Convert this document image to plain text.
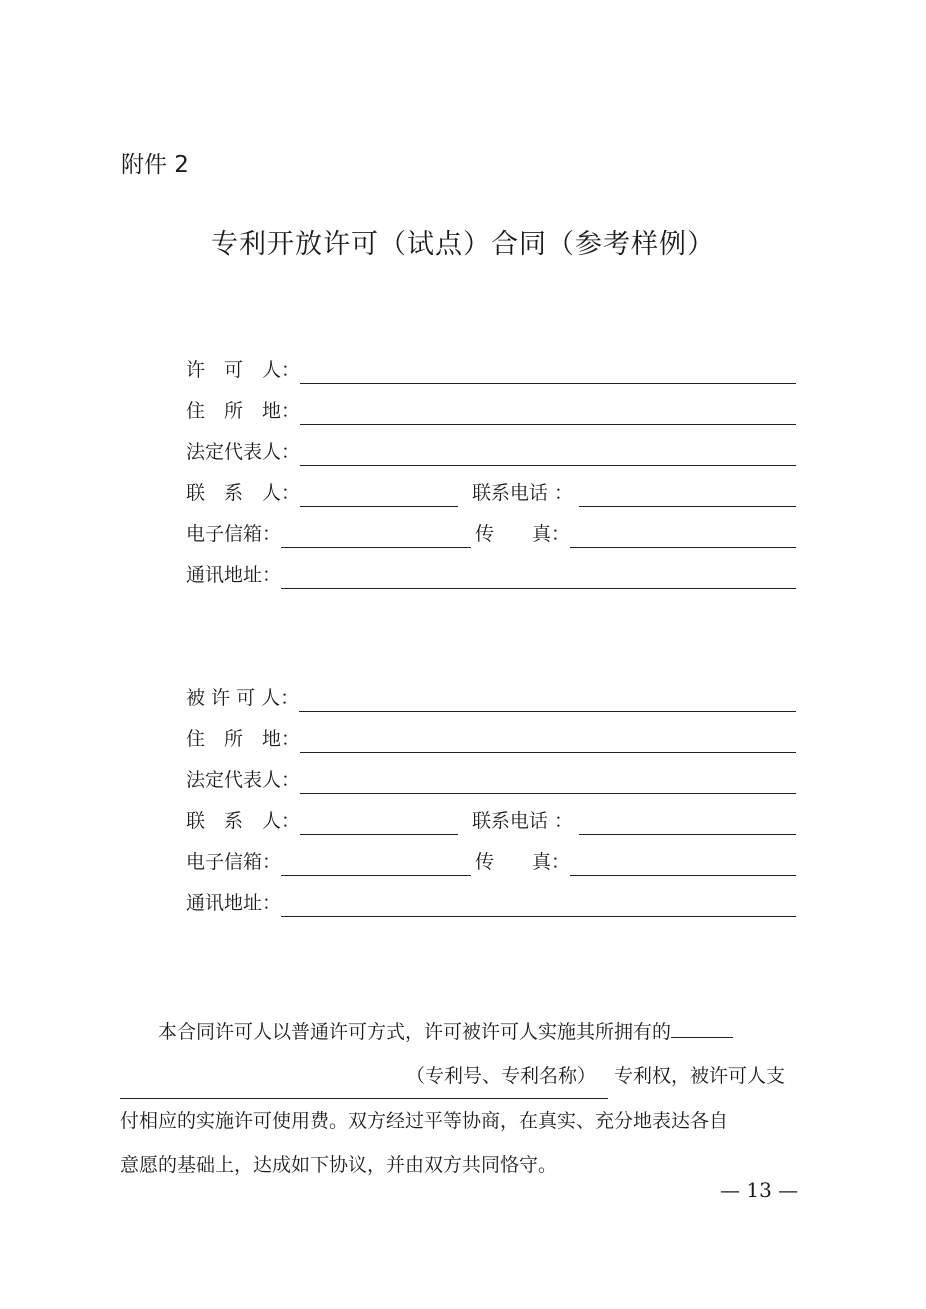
附件 2
专利开放许可（试点）合同（参考样例）
许　可　人：
住　所　地：
法定代表人：
联　系　人：	联系电话 ：
电子信箱：	传　　真：
通讯地址：
被 许 可 人：
住　所　地：
法定代表人：
联　系　人：	联系电话 ：
电子信箱：	传　　真：
通讯地址：

　　本合同许可人以普通许可方式，许可被许可人实施其所拥有的

（专利号、专利名称） 专利权，被许可人支

付相应的实施许可使用费。双方经过平等协商，在真实、充分地表达各自

意愿的基础上，达成如下协议，并由双方共同恪守。

— 13 —
